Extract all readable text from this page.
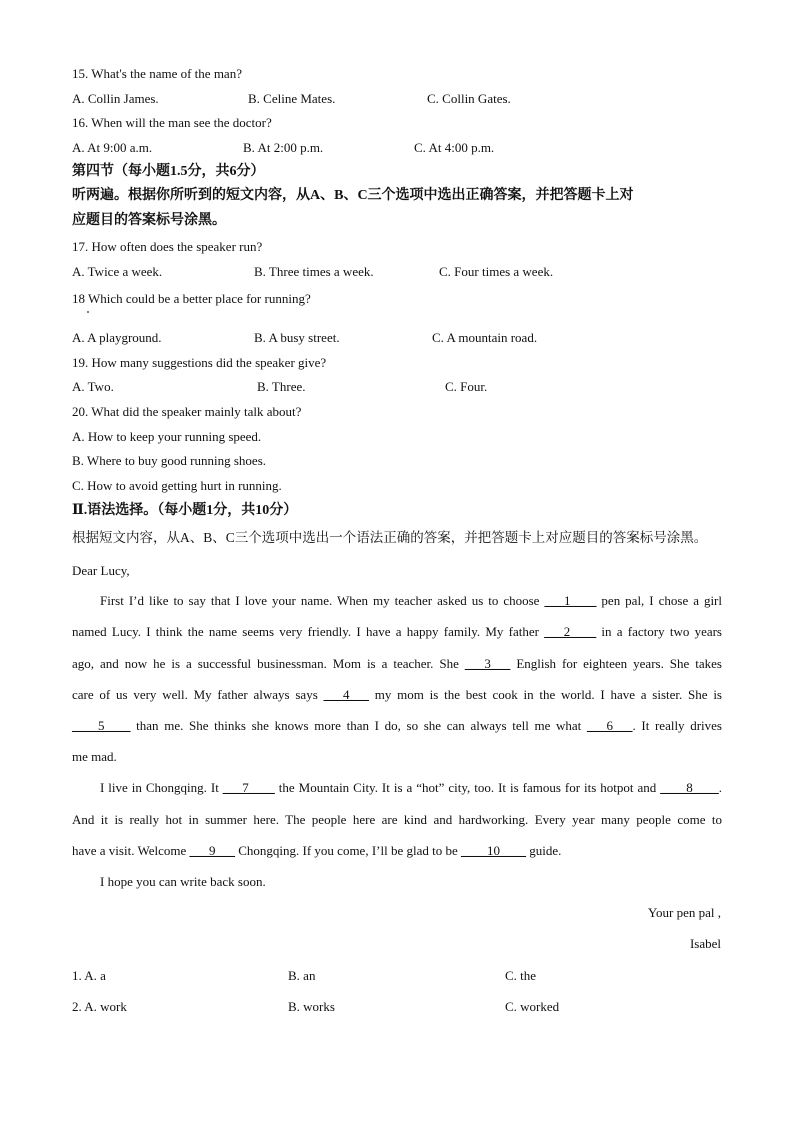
15. What's the name of the man?
A. Collin James.	B. Celine Mates.	C. Collin Gates.
16. When will the man see the doctor?
A. At 9:00 a.m.	B. At 2:00 p.m.	C. At 4:00 p.m.
第四节（每小题1.5分，共6分）
听两遍。根据你所听到的短文内容，从A、B、C三个选项中选出正确答案，并把答题卡上对
应题目的答案标号涂黑。
17. How often does the speaker run?
A. Twice a week.	B. Three times a week.	C. Four times a week.
18 Which could be a better place for running?
A. A playground.	B. A busy street.	C. A mountain road.
19. How many suggestions did the speaker give?
A. Two.	B. Three.	C. Four.
20. What did the speaker mainly talk about?
A. How to keep your running speed.
B. Where to buy good running shoes.
C. How to avoid getting hurt in running.
Ⅱ.语法选择。（每小题1分，共10分）
根据短文内容，从A、B、C三个选项中选出一个语法正确的答案，并把答题卡上对应题目的答案标号涂黑。
Dear Lucy,
First I’d like to say that I love your name. When my teacher asked us to choose ___1____ pen pal, I chose a girl
named Lucy. I think the name seems very friendly. I have a happy family. My father ___2____ in a factory two years
ago, and now he is a successful businessman. Mom is a teacher. She ___3___ English for eighteen years. She takes
care of us very well. My father always says ___4___ my mom is the best cook in the world. I have a sister. She is
____5____ than me. She thinks she knows more than I do, so she can always tell me what ___6___. It really drives
me mad.
I live in Chongqing. It ___7____ the Mountain City. It is a “hot” city, too. It is famous for its hotpot and ____8____.
And it is really hot in summer here. The people here are kind and hardworking. Every year many people come to
have a visit. Welcome ___9___ Chongqing. If you come, I’ll be glad to be ____10____ guide.
I hope you can write back soon.
Your pen pal ,
Isabel
1. A. a	B. an	C. the
2. A. work	B. works	C. worked
